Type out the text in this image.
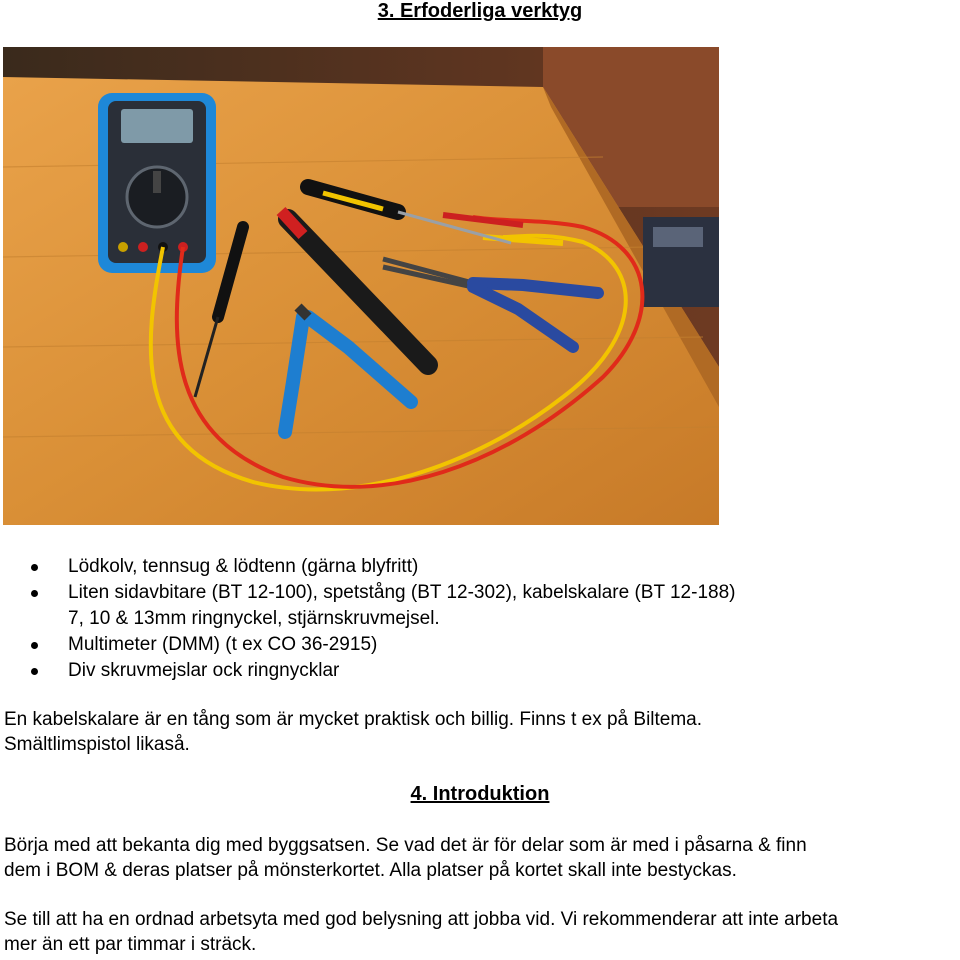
3. Erfoderliga verktyg
Lödkolv, tennsug & lödtenn (gärna blyfritt)
Liten sidavbitare (BT 12-100), spetstång (BT 12-302), kabelskalare (BT 12-188)
7, 10 & 13mm ringnyckel, stjärnskruvmejsel.
Multimeter (DMM) (t ex CO 36-2915)
Div skruvmejslar ock ringnycklar

En kabelskalare är en tång som är mycket praktisk och billig. Finns t ex på Biltema.
Smältlimspistol likaså.

4. Introduktion

Börja med att bekanta dig med byggsatsen. Se vad det är för delar som är med i påsarna & finn
dem i BOM & deras platser på mönsterkortet. Alla platser på kortet skall inte bestyckas.

Se till att ha en ordnad arbetsyta med god belysning att jobba vid. Vi rekommenderar att inte arbeta
mer än ett par timmar i sträck.
